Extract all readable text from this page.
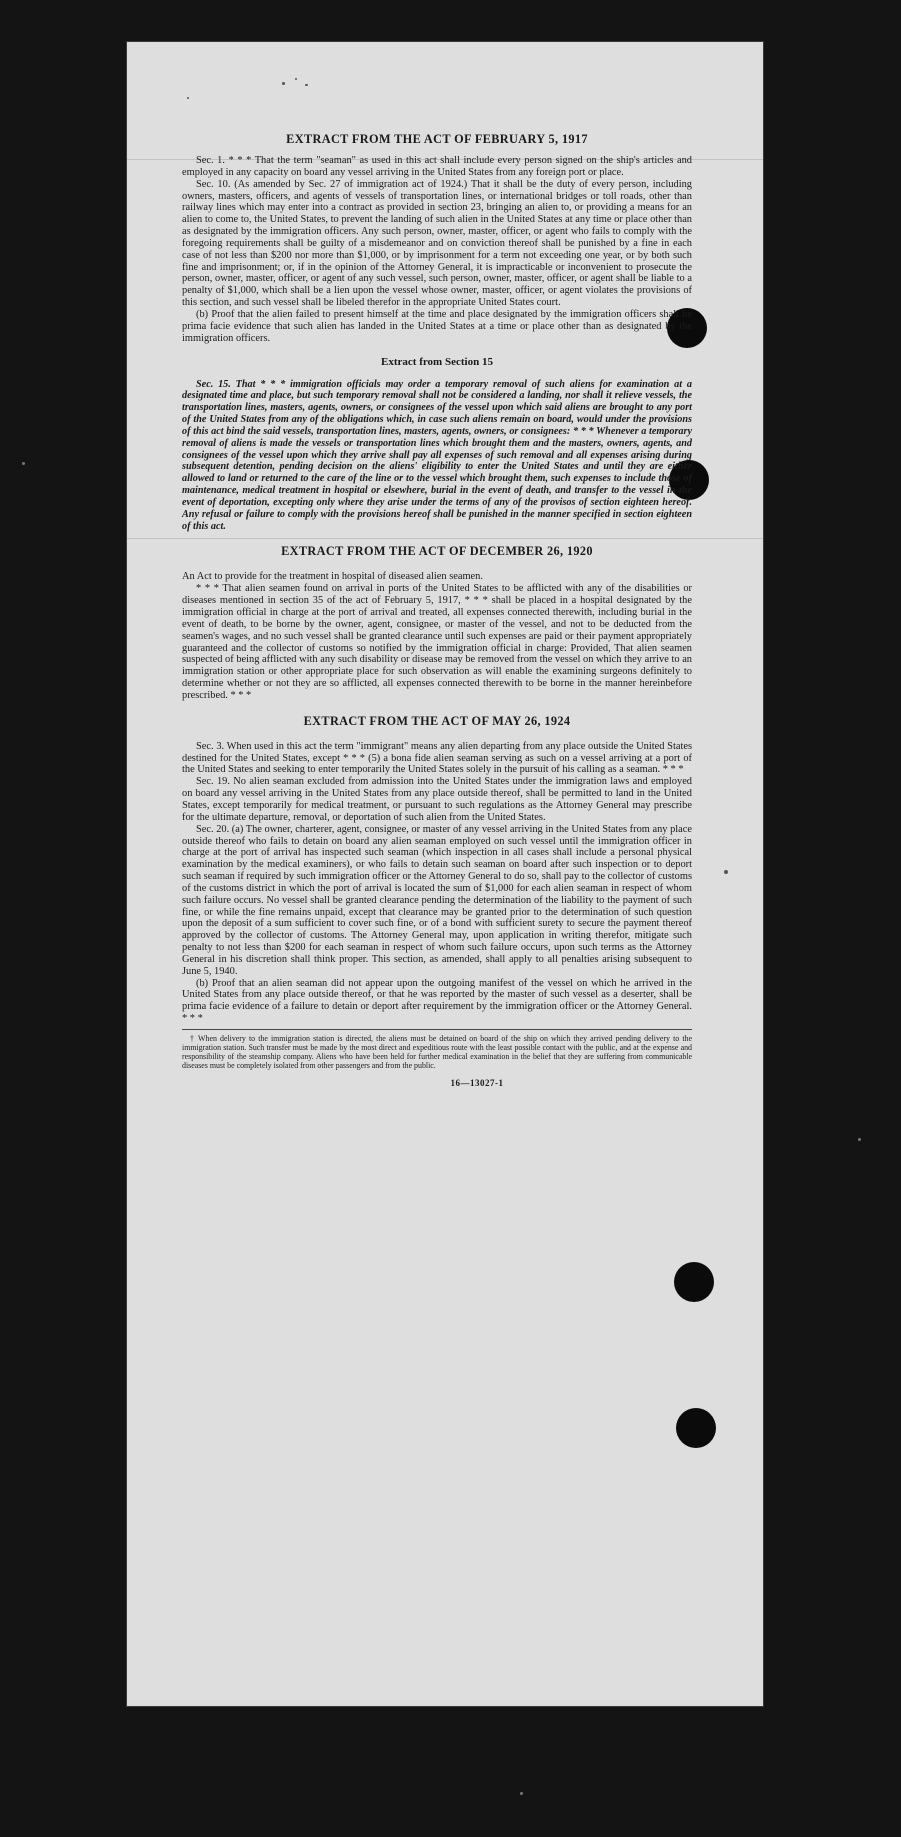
EXTRACT FROM THE ACT OF FEBRUARY 5, 1917

Sec. 1. * * * That the term "seaman" as used in this act shall include every person signed on the ship's articles and employed in any capacity on board any vessel arriving in the United States from any foreign port or place.

Sec. 10. (As amended by Sec. 27 of immigration act of 1924.) That it shall be the duty of every person, including owners, masters, officers, and agents of vessels of transportation lines, or international bridges or toll roads, other than railway lines which may enter into a contract as provided in section 23, bringing an alien to, or providing a means for an alien to come to, the United States, to prevent the landing of such alien in the United States at any time or place other than as designated by the immigration officers. Any such person, owner, master, officer, or agent who fails to comply with the foregoing requirements shall be guilty of a misdemeanor and on conviction thereof shall be punished by a fine in each case of not less than $200 nor more than $1,000, or by imprisonment for a term not exceeding one year, or by both such fine and imprisonment; or, if in the opinion of the Attorney General, it is impracticable or inconvenient to prosecute the person, owner, master, officer, or agent of any such vessel, such person, owner, master, officer, or agent shall be liable to a penalty of $1,000, which shall be a lien upon the vessel whose owner, master, officer, or agent violates the provisions of this section, and such vessel shall be libeled therefor in the appropriate United States court.

(b) Proof that the alien failed to present himself at the time and place designated by the immigration officers shall be prima facie evidence that such alien has landed in the United States at a time or place other than as designated by the immigration officers.

Extract from Section 15

Sec. 15. That * * * immigration officials may order a temporary removal of such aliens for examination at a designated time and place, but such temporary removal shall not be considered a landing, nor shall it relieve vessels, the transportation lines, masters, agents, owners, or consignees of the vessel upon which said aliens are brought to any port of the United States from any of the obligations which, in case such aliens remain on board, would under the provisions of this act bind the said vessels, transportation lines, masters, agents, owners, or consignees: * * * Whenever a temporary removal of aliens is made the vessels or transportation lines which brought them and the masters, owners, agents, and consignees of the vessel upon which they arrive shall pay all expenses of such removal and all expenses arising during subsequent detention, pending decision on the aliens' eligibility to enter the United States and until they are either allowed to land or returned to the care of the line or to the vessel which brought them, such expenses to include those of maintenance, medical treatment in hospital or elsewhere, burial in the event of death, and transfer to the vessel in the event of deportation, excepting only where they arise under the terms of any of the provisos of section eighteen hereof. Any refusal or failure to comply with the provisions hereof shall be punished in the manner specified in section eighteen of this act.

EXTRACT FROM THE ACT OF DECEMBER 26, 1920

An Act to provide for the treatment in hospital of diseased alien seamen.

* * * That alien seamen found on arrival in ports of the United States to be afflicted with any of the disabilities or diseases mentioned in section 35 of the act of February 5, 1917, * * * shall be placed in a hospital designated by the immigration official in charge at the port of arrival and treated, all expenses connected therewith, including burial in the event of death, to be borne by the owner, agent, consignee, or master of the vessel, and not to be deducted from the seamen's wages, and no such vessel shall be granted clearance until such expenses are paid or their payment appropriately guaranteed and the collector of customs so notified by the immigration official in charge: Provided, That alien seamen suspected of being afflicted with any such disability or disease may be removed from the vessel on which they arrive to an immigration station or other appropriate place for such observation as will enable the examining surgeons definitely to determine whether or not they are so afflicted, all expenses connected therewith to be borne in the manner hereinbefore prescribed. * * *

EXTRACT FROM THE ACT OF MAY 26, 1924

Sec. 3. When used in this act the term "immigrant" means any alien departing from any place outside the United States destined for the United States, except * * * (5) a bona fide alien seaman serving as such on a vessel arriving at a port of the United States and seeking to enter temporarily the United States solely in the pursuit of his calling as a seaman. * * *

Sec. 19. No alien seaman excluded from admission into the United States under the immigration laws and employed on board any vessel arriving in the United States from any place outside thereof, shall be permitted to land in the United States, except temporarily for medical treatment, or pursuant to such regulations as the Attorney General may prescribe for the ultimate departure, removal, or deportation of such alien from the United States.

Sec. 20. (a) The owner, charterer, agent, consignee, or master of any vessel arriving in the United States from any place outside thereof who fails to detain on board any alien seaman employed on such vessel until the immigration officer in charge at the port of arrival has inspected such seaman (which inspection in all cases shall include a personal physical examination by the medical examiners), or who fails to detain such seaman on board after such inspection or to deport such seaman if required by such immigration officer or the Attorney General to do so, shall pay to the collector of customs of the customs district in which the port of arrival is located the sum of $1,000 for each alien seaman in respect of whom such failure occurs. No vessel shall be granted clearance pending the determination of the liability to the payment of such fine, or while the fine remains unpaid, except that clearance may be granted prior to the determination of such question upon the deposit of a sum sufficient to cover such fine, or of a bond with sufficient surety to secure the payment thereof approved by the collector of customs. The Attorney General may, upon application in writing therefor, mitigate such penalty to not less than $200 for each seaman in respect of whom such failure occurs, upon such terms as the Attorney General in his discretion shall think proper. This section, as amended, shall apply to all penalties arising subsequent to June 5, 1940.

(b) Proof that an alien seaman did not appear upon the outgoing manifest of the vessel on which he arrived in the United States from any place outside thereof, or that he was reported by the master of such vessel as a deserter, shall be prima facie evidence of a failure to detain or deport after requirement by the immigration officer or the Attorney General. * * *

† When delivery to the immigration station is directed, the aliens must be detained on board of the ship on which they arrived pending delivery to the immigration station. Such transfer must be made by the most direct and expeditious route with the least possible contact with the public, and at the expense and responsibility of the steamship company. Aliens who have been held for further medical examination in the belief that they are suffering from communicable diseases must be completely isolated from other passengers and from the public.

16—13027-1
